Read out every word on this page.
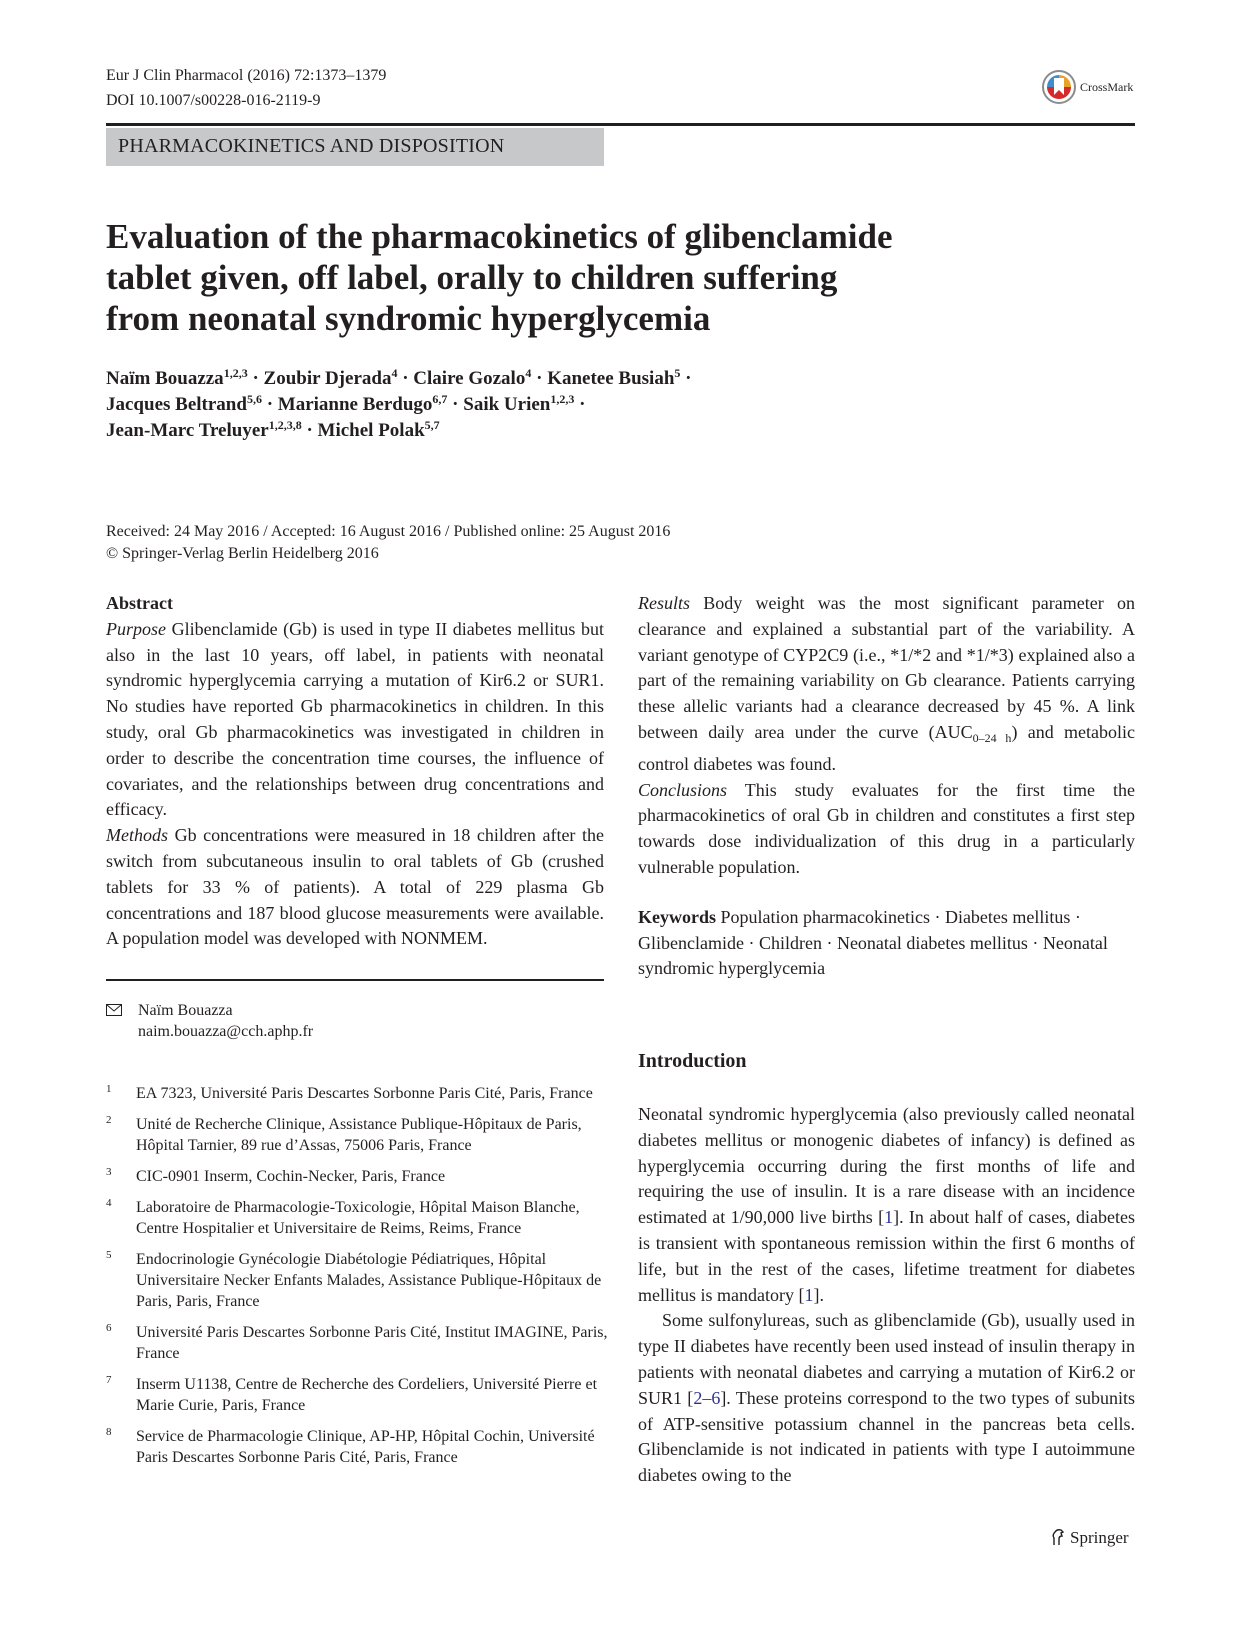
Eur J Clin Pharmacol (2016) 72:1373–1379
DOI 10.1007/s00228-016-2119-9
CrossMark
PHARMACOKINETICS AND DISPOSITION
Evaluation of the pharmacokinetics of glibenclamide
tablet given, off label, orally to children suffering
from neonatal syndromic hyperglycemia
Naïm Bouazza$^{1,2,3}$ · Zoubir Djerada$^4$ · Claire Gozalo$^4$ · Kanetee Busiah$^5$ ·
Jacques Beltrand$^{5,6}$ · Marianne Berdugo$^{6,7}$ · Saik Urien$^{1,2,3}$ ·
Jean-Marc Treluyer$^{1,2,3,8}$ · Michel Polak$^{5,7}$
Received: 24 May 2016 / Accepted: 16 August 2016 / Published online: 25 August 2016
© Springer-Verlag Berlin Heidelberg 2016

Abstract

Purpose Glibenclamide (Gb) is used in type II diabetes mellitus but also in the last 10 years, off label, in patients with neonatal syndromic hyperglycemia carrying a mutation of Kir6.2 or SUR1. No studies have reported Gb pharmacokinetics in children. In this study, oral Gb pharmacokinetics was investigated in children in order to describe the concentration time courses, the influence of covariates, and the relationships between drug concentrations and efficacy.

Methods Gb concentrations were measured in 18 children after the switch from subcutaneous insulin to oral tablets of Gb (crushed tablets for 33 % of patients). A total of 229 plasma Gb concentrations and 187 blood glucose measurements were available. A population model was developed with NONMEM.

Naïm Bouazza
naim.bouazza@cch.aphp.fr
1 EA 7323, Université Paris Descartes Sorbonne Paris Cité, Paris, France
2 Unité de Recherche Clinique, Assistance Publique-Hôpitaux de Paris, Hôpital Tarnier, 89 rue d’Assas, 75006 Paris, France
3 CIC-0901 Inserm, Cochin-Necker, Paris, France
4 Laboratoire de Pharmacologie-Toxicologie, Hôpital Maison Blanche, Centre Hospitalier et Universitaire de Reims, Reims, France
5 Endocrinologie Gynécologie Diabétologie Pédiatriques, Hôpital Universitaire Necker Enfants Malades, Assistance Publique-Hôpitaux de Paris, Paris, France
6 Université Paris Descartes Sorbonne Paris Cité, Institut IMAGINE, Paris, France
7 Inserm U1138, Centre de Recherche des Cordeliers, Université Pierre et Marie Curie, Paris, France
8 Service de Pharmacologie Clinique, AP-HP, Hôpital Cochin, Université Paris Descartes Sorbonne Paris Cité, Paris, France

Results Body weight was the most significant parameter on clearance and explained a substantial part of the variability. A variant genotype of CYP2C9 (i.e., *1/*2 and *1/*3) explained also a part of the remaining variability on Gb clearance. Patients carrying these allelic variants had a clearance decreased by 45 %. A link between daily area under the curve $(AUC_{0-24 h})$ and metabolic control diabetes was found.

Conclusions This study evaluates for the first time the pharmacokinetics of oral Gb in children and constitutes a first step towards dose individualization of this drug in a particularly vulnerable population.

Keywords Population pharmacokinetics · Diabetes mellitus · Glibenclamide · Children · Neonatal diabetes mellitus · Neonatal syndromic hyperglycemia

Introduction

Neonatal syndromic hyperglycemia (also previously called neonatal diabetes mellitus or monogenic diabetes of infancy) is defined as hyperglycemia occurring during the first months of life and requiring the use of insulin. It is a rare disease with an incidence estimated at 1/90,000 live births [1]. In about half of cases, diabetes is transient with spontaneous remission within the first 6 months of life, but in the rest of the cases, lifetime treatment for diabetes mellitus is mandatory [1].

Some sulfonylureas, such as glibenclamide (Gb), usually used in type II diabetes have recently been used instead of insulin therapy in patients with neonatal diabetes and carrying a mutation of Kir6.2 or SUR1 [2–6]. These proteins correspond to the two types of subunits of ATP-sensitive potassium channel in the pancreas beta cells. Glibenclamide is not indicated in patients with type I autoimmune diabetes owing to the

Springer
